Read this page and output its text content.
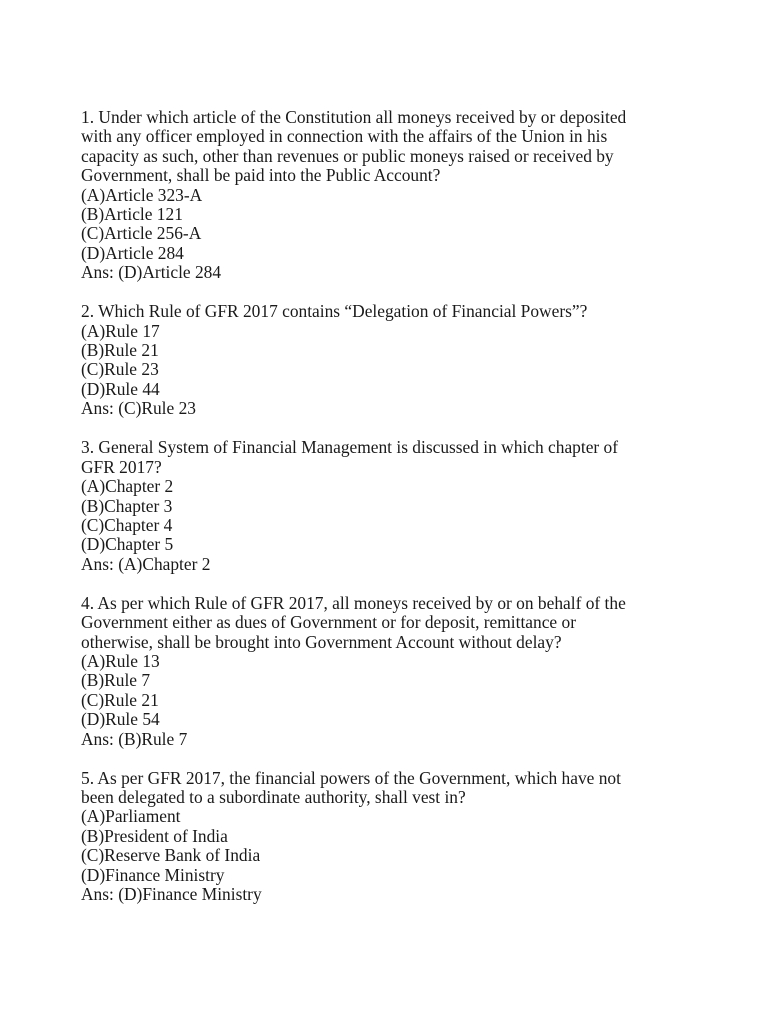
1. Under which article of the Constitution all moneys received by or deposited
with any officer employed in connection with the affairs of the Union in his
capacity as such, other than revenues or public moneys raised or received by
Government, shall be paid into the Public Account?
(A)Article 323-A
(B)Article 121
(C)Article 256-A
(D)Article 284
Ans: (D)Article 284
2. Which Rule of GFR 2017 contains “Delegation of Financial Powers”?
(A)Rule 17
(B)Rule 21
(C)Rule 23
(D)Rule 44
Ans: (C)Rule 23
3. General System of Financial Management is discussed in which chapter of
GFR 2017?
(A)Chapter 2
(B)Chapter 3
(C)Chapter 4
(D)Chapter 5
Ans: (A)Chapter 2
4. As per which Rule of GFR 2017, all moneys received by or on behalf of the
Government either as dues of Government or for deposit, remittance or
otherwise, shall be brought into Government Account without delay?
(A)Rule 13
(B)Rule 7
(C)Rule 21
(D)Rule 54
Ans: (B)Rule 7
5. As per GFR 2017, the financial powers of the Government, which have not
been delegated to a subordinate authority, shall vest in?
(A)Parliament
(B)President of India
(C)Reserve Bank of India
(D)Finance Ministry
Ans: (D)Finance Ministry
